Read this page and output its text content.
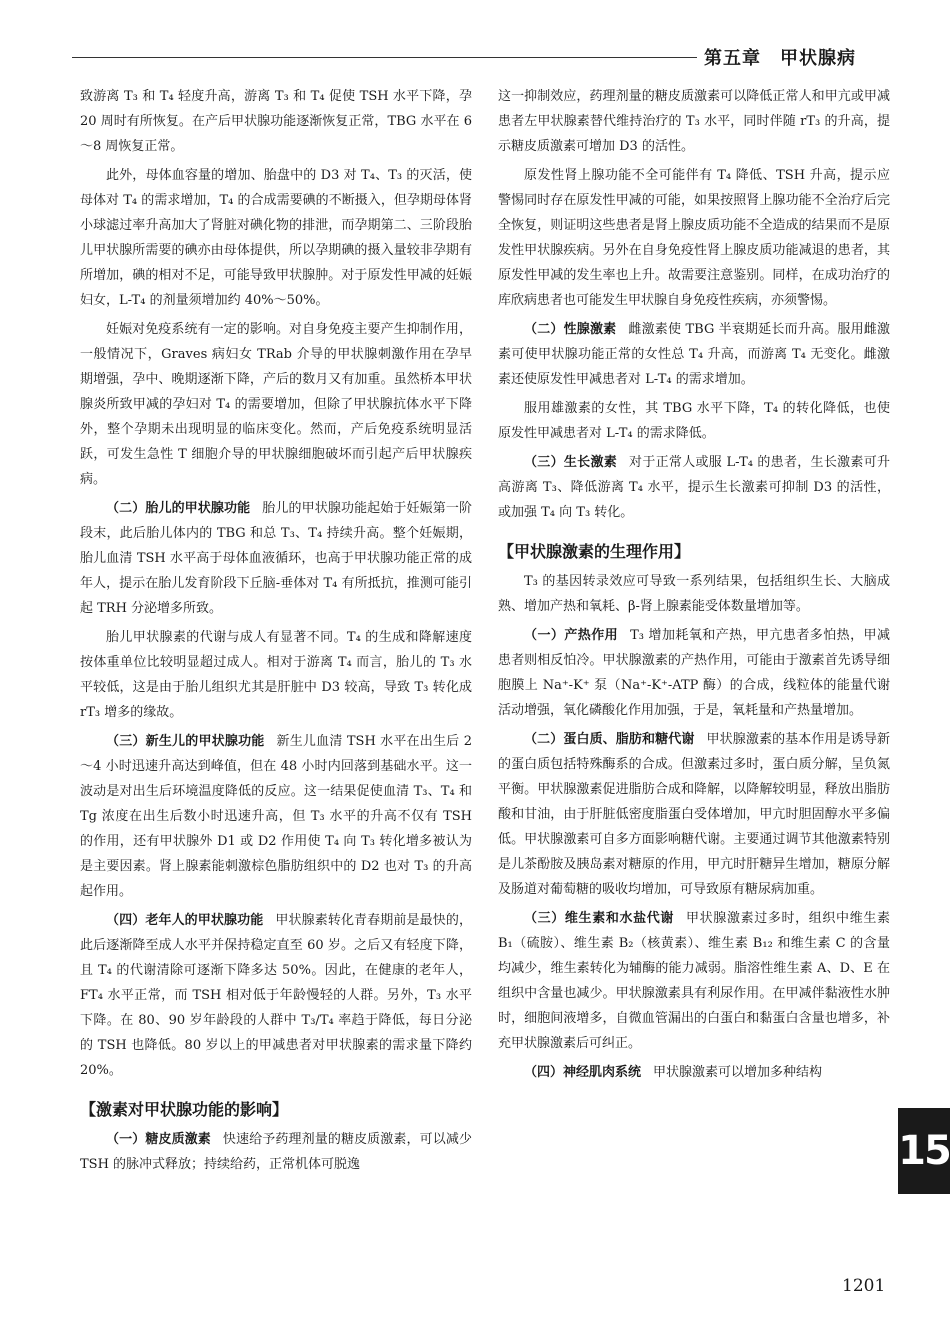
第五章　甲状腺病

致游离 T₃ 和 T₄ 轻度升高，游离 T₃ 和 T₄ 促使 TSH 水平下降，孕 20 周时有所恢复。在产后甲状腺功能逐渐恢复正常，TBG 水平在 6～8 周恢复正常。

此外，母体血容量的增加、胎盘中的 D3 对 T₄、T₃ 的灭活，使母体对 T₄ 的需求增加，T₄ 的合成需要碘的不断摄入，但孕期母体肾小球滤过率升高加大了肾脏对碘化物的排泄，而孕期第二、三阶段胎儿甲状腺所需要的碘亦由母体提供，所以孕期碘的摄入量较非孕期有所增加，碘的相对不足，可能导致甲状腺肿。对于原发性甲减的妊娠妇女，L-T₄ 的剂量须增加约 40%～50%。

妊娠对免疫系统有一定的影响。对自身免疫主要产生抑制作用，一般情况下，Graves 病妇女 TRab 介导的甲状腺刺激作用在孕早期增强，孕中、晚期逐渐下降，产后的数月又有加重。虽然桥本甲状腺炎所致甲减的孕妇对 T₄ 的需要增加，但除了甲状腺抗体水平下降外，整个孕期未出现明显的临床变化。然而，产后免疫系统明显活跃，可发生急性 T 细胞介导的甲状腺细胞破坏而引起产后甲状腺疾病。

（二）胎儿的甲状腺功能 胎儿的甲状腺功能起始于妊娠第一阶段末，此后胎儿体内的 TBG 和总 T₃、T₄ 持续升高。整个妊娠期，胎儿血清 TSH 水平高于母体血液循环，也高于甲状腺功能正常的成年人，提示在胎儿发育阶段下丘脑-垂体对 T₄ 有所抵抗，推测可能引起 TRH 分泌增多所致。

胎儿甲状腺素的代谢与成人有显著不同。T₄ 的生成和降解速度按体重单位比较明显超过成人。相对于游离 T₄ 而言，胎儿的 T₃ 水平较低，这是由于胎儿组织尤其是肝脏中 D3 较高，导致 T₃ 转化成 rT₃ 增多的缘故。

（三）新生儿的甲状腺功能 新生儿血清 TSH 水平在出生后 2～4 小时迅速升高达到峰值，但在 48 小时内回落到基础水平。这一波动是对出生后环境温度降低的反应。这一结果促使血清 T₃、T₄ 和 Tg 浓度在出生后数小时迅速升高，但 T₃ 水平的升高不仅有 TSH 的作用，还有甲状腺外 D1 或 D2 作用使 T₄ 向 T₃ 转化增多被认为是主要因素。肾上腺素能刺激棕色脂肪组织中的 D2 也对 T₃ 的升高起作用。

（四）老年人的甲状腺功能 甲状腺素转化青春期前是最快的，此后逐渐降至成人水平并保持稳定直至 60 岁。之后又有轻度下降，且 T₄ 的代谢清除可逐渐下降多达 50%。因此，在健康的老年人，FT₄ 水平正常，而 TSH 相对低于年龄慢轻的人群。另外，T₃ 水平下降。在 80、90 岁年龄段的人群中 T₃/T₄ 率趋于降低，每日分泌的 TSH 也降低。80 岁以上的甲减患者对甲状腺素的需求量下降约 20%。

【激素对甲状腺功能的影响】

（一）糖皮质激素 快速给予药理剂量的糖皮质激素，可以减少 TSH 的脉冲式释放；持续给药，正常机体可脱逸

这一抑制效应，药理剂量的糖皮质激素可以降低正常人和甲亢或甲减患者左甲状腺素替代维持治疗的 T₃ 水平，同时伴随 rT₃ 的升高，提示糖皮质激素可增加 D3 的活性。

原发性肾上腺功能不全可能伴有 T₄ 降低、TSH 升高，提示应警惕同时存在原发性甲减的可能，如果按照肾上腺功能不全治疗后完全恢复，则证明这些患者是肾上腺皮质功能不全造成的结果而不是原发性甲状腺疾病。另外在自身免疫性肾上腺皮质功能减退的患者，其原发性甲减的发生率也上升。故需要注意鉴别。同样，在成功治疗的库欣病患者也可能发生甲状腺自身免疫性疾病，亦须警惕。

（二）性腺激素 雌激素使 TBG 半衰期延长而升高。服用雌激素可使甲状腺功能正常的女性总 T₄ 升高，而游离 T₄ 无变化。雌激素还使原发性甲减患者对 L-T₄ 的需求增加。

服用雄激素的女性，其 TBG 水平下降，T₄ 的转化降低，也使原发性甲减患者对 L-T₄ 的需求降低。

（三）生长激素 对于正常人或服 L-T₄ 的患者，生长激素可升高游离 T₃、降低游离 T₄ 水平，提示生长激素可抑制 D3 的活性，或加强 T₄ 向 T₃ 转化。

【甲状腺激素的生理作用】

T₃ 的基因转录效应可导致一系列结果，包括组织生长、大脑成熟、增加产热和氧耗、β-肾上腺素能受体数量增加等。

（一）产热作用 T₃ 增加耗氧和产热，甲亢患者多怕热，甲减患者则相反怕冷。甲状腺激素的产热作用，可能由于激素首先诱导细胞膜上 Na⁺-K⁺ 泵（Na⁺-K⁺-ATP 酶）的合成，线粒体的能量代谢活动增强，氧化磷酸化作用加强，于是，氧耗量和产热量增加。

（二）蛋白质、脂肪和糖代谢 甲状腺激素的基本作用是诱导新的蛋白质包括特殊酶系的合成。但激素过多时，蛋白质分解，呈负氮平衡。甲状腺激素促进脂肪合成和降解，以降解较明显，释放出脂肪酸和甘油，由于肝脏低密度脂蛋白受体增加，甲亢时胆固醇水平多偏低。甲状腺激素可自多方面影响糖代谢。主要通过调节其他激素特别是儿茶酚胺及胰岛素对糖原的作用，甲亢时肝糖异生增加，糖原分解及肠道对葡萄糖的吸收均增加，可导致原有糖尿病加重。

（三）维生素和水盐代谢 甲状腺激素过多时，组织中维生素 B₁（硫胺）、维生素 B₂（核黄素）、维生素 B₁₂ 和维生素 C 的含量均减少，维生素转化为辅酶的能力减弱。脂溶性维生素 A、D、E 在组织中含量也减少。甲状腺激素具有利尿作用。在甲减伴黏液性水肿时，细胞间液增多，自微血管漏出的白蛋白和黏蛋白含量也增多，补充甲状腺激素后可纠正。

（四）神经肌肉系统 甲状腺激素可以增加多种结构

15
1201
